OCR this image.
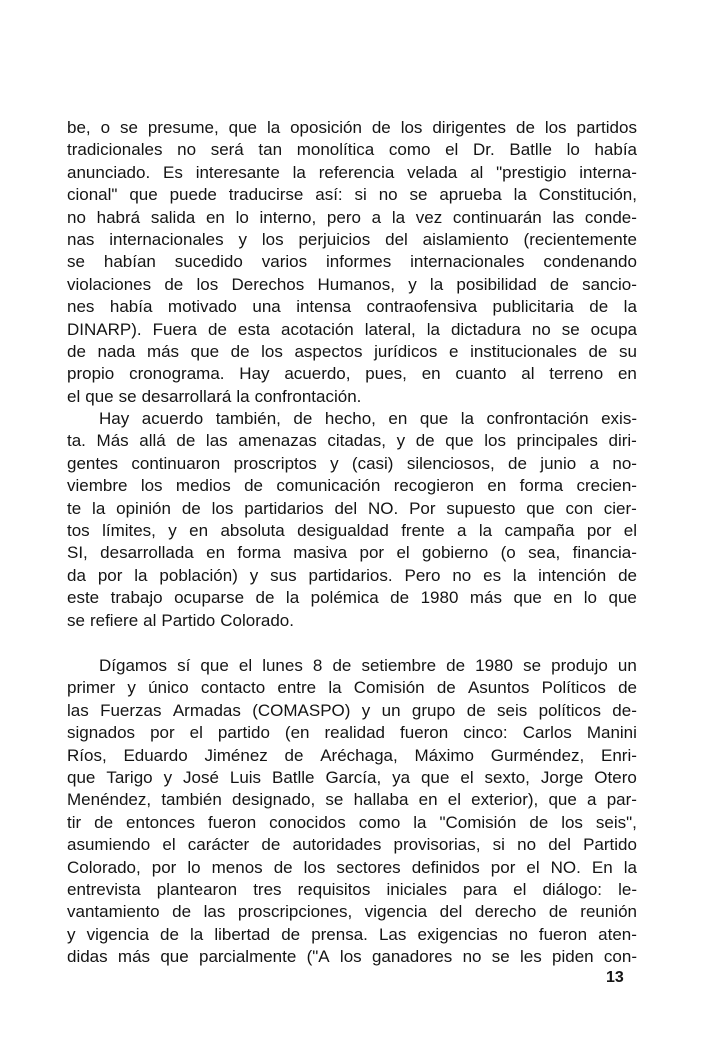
be, o se presume, que la oposición de los dirigentes de los partidos
tradicionales no será tan monolítica como el Dr. Batlle lo había
anunciado. Es interesante la referencia velada al "prestigio interna-
cional" que puede traducirse así: si no se aprueba la Constitución,
no habrá salida en lo interno, pero a la vez continuarán las conde-
nas internacionales y los perjuicios del aislamiento (recientemente
se habían sucedido varios informes internacionales condenando
violaciones de los Derechos Humanos, y la posibilidad de sancio-
nes había motivado una intensa contraofensiva publicitaria de la
DINARP). Fuera de esta acotación lateral, la dictadura no se ocupa
de nada más que de los aspectos jurídicos e institucionales de su
propio cronograma. Hay acuerdo, pues, en cuanto al terreno en
el que se desarrollará la confrontación.
Hay acuerdo también, de hecho, en que la confrontación exis-
ta. Más allá de las amenazas citadas, y de que los principales diri-
gentes continuaron proscriptos y (casi) silenciosos, de junio a no-
viembre los medios de comunicación recogieron en forma crecien-
te la opinión de los partidarios del NO. Por supuesto que con cier-
tos límites, y en absoluta desigualdad frente a la campaña por el
SI, desarrollada en forma masiva por el gobierno (o sea, financia-
da por la población) y sus partidarios. Pero no es la intención de
este trabajo ocuparse de la polémica de 1980 más que en lo que
se refiere al Partido Colorado.
Dígamos sí que el lunes 8 de setiembre de 1980 se produjo un
primer y único contacto entre la Comisión de Asuntos Políticos de
las Fuerzas Armadas (COMASPO) y un grupo de seis políticos de-
signados por el partido (en realidad fueron cinco: Carlos Manini
Ríos, Eduardo Jiménez de Aréchaga, Máximo Gurméndez, Enri-
que Tarigo y José Luis Batlle García, ya que el sexto, Jorge Otero
Menéndez, también designado, se hallaba en el exterior), que a par-
tir de entonces fueron conocidos como la "Comisión de los seis",
asumiendo el carácter de autoridades provisorias, si no del Partido
Colorado, por lo menos de los sectores definidos por el NO. En la
entrevista plantearon tres requisitos iniciales para el diálogo: le-
vantamiento de las proscripciones, vigencia del derecho de reunión
y vigencia de la libertad de prensa. Las exigencias no fueron aten-
didas más que parcialmente ("A los ganadores no se les piden con-
13
